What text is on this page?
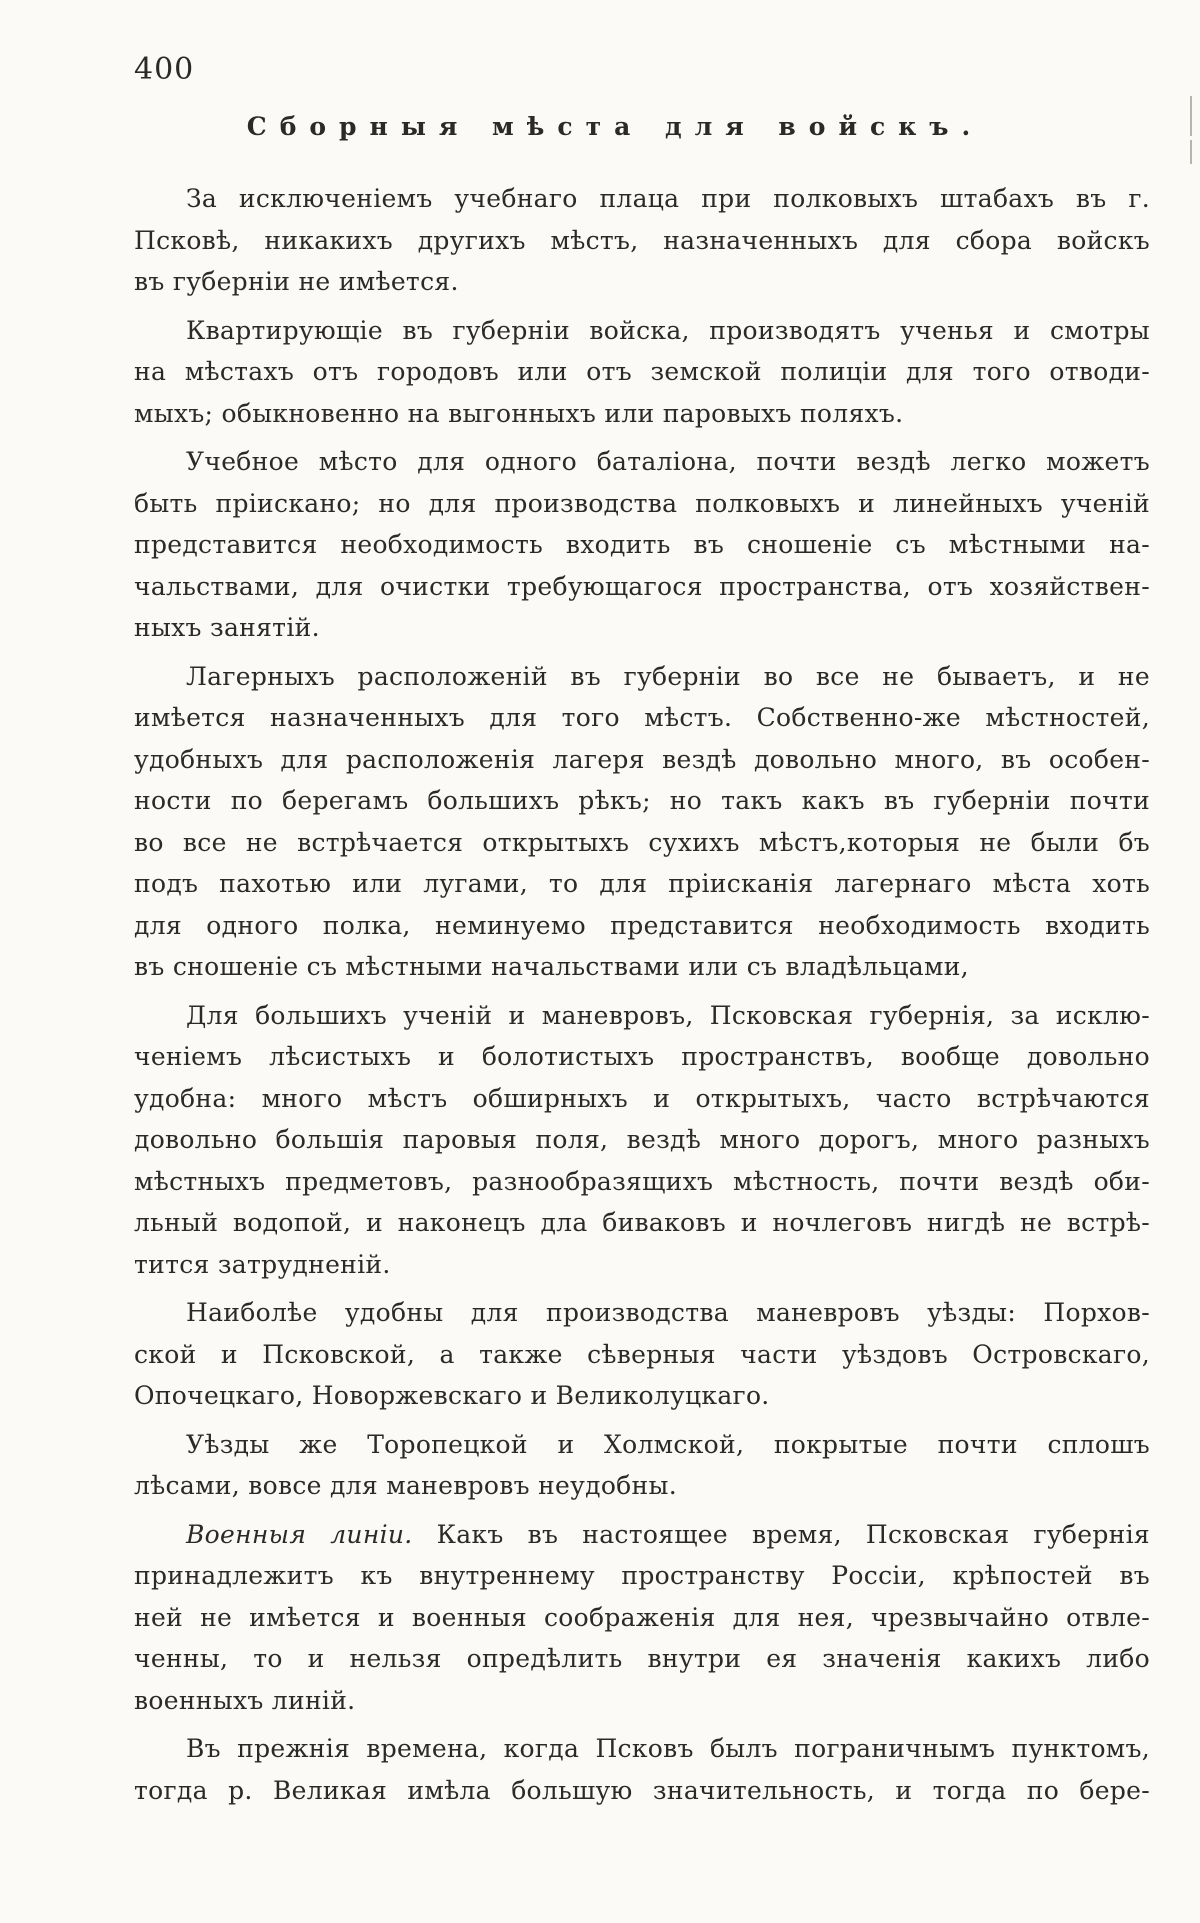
400
Сборныя мѣста для войскъ.
За исключеніемъ учебнаго плаца при полковыхъ штабахъ въ г.
Псковѣ, никакихъ другихъ мѣстъ, назначенныхъ для сбора войскъ
въ губерніи не имѣется.
Квартирующіе въ губерніи войска, производятъ ученья и смотры
на мѣстахъ отъ городовъ или отъ земской полиціи для того отводи-
мыхъ; обыкновенно на выгонныхъ или паровыхъ поляхъ.
Учебное мѣсто для одного баталіона, почти вездѣ легко можетъ
быть пріискано; но для производства полковыхъ и линейныхъ ученій
представится необходимость входить въ сношеніе съ мѣстными на-
чальствами, для очистки требующагося пространства, отъ хозяйствен-
ныхъ занятій.
Лагерныхъ расположеній въ губерніи во все не бываетъ, и не
имѣется назначенныхъ для того мѣстъ. Собственно-же мѣстностей,
удобныхъ для расположенія лагеря вездѣ довольно много, въ особен-
ности по берегамъ большихъ рѣкъ; но такъ какъ въ губерніи почти
во все не встрѣчается открытыхъ сухихъ мѣстъ,которыя не были бъ
подъ пахотью или лугами, то для пріисканія лагернаго мѣста хоть
для одного полка, неминуемо представится необходимость входить
въ сношеніе съ мѣстными начальствами или съ владѣльцами,
Для большихъ ученій и маневровъ, Псковская губернія, за исклю-
ченіемъ лѣсистыхъ и болотистыхъ пространствъ, вообще довольно
удобна: много мѣстъ обширныхъ и открытыхъ, часто встрѣчаются
довольно большія паровыя поля, вездѣ много дорогъ, много разныхъ
мѣстныхъ предметовъ, разнообразящихъ мѣстность, почти вездѣ оби-
льный водопой, и наконецъ дла биваковъ и ночлеговъ нигдѣ не встрѣ-
тится затрудненій.
Наиболѣе удобны для производства маневровъ уѣзды: Порхов-
ской и Псковской, а также сѣверныя части уѣздовъ Островскаго,
Опочецкаго, Новоржевскаго и Великолуцкаго.
Уѣзды же Торопецкой и Холмской, покрытые почти сплошъ
лѣсами, вовсе для маневровъ неудобны.
Военныя линіи. Какъ въ настоящее время, Псковская губернія
принадлежитъ къ внутреннему пространству Россіи, крѣпостей въ
ней не имѣется и военныя соображенія для нея, чрезвычайно отвле-
ченны, то и нельзя опредѣлить внутри ея значенія какихъ либо
военныхъ линій.
Въ прежнія времена, когда Псковъ былъ пограничнымъ пунктомъ,
тогда р. Великая имѣла большую значительность, и тогда по бере-
